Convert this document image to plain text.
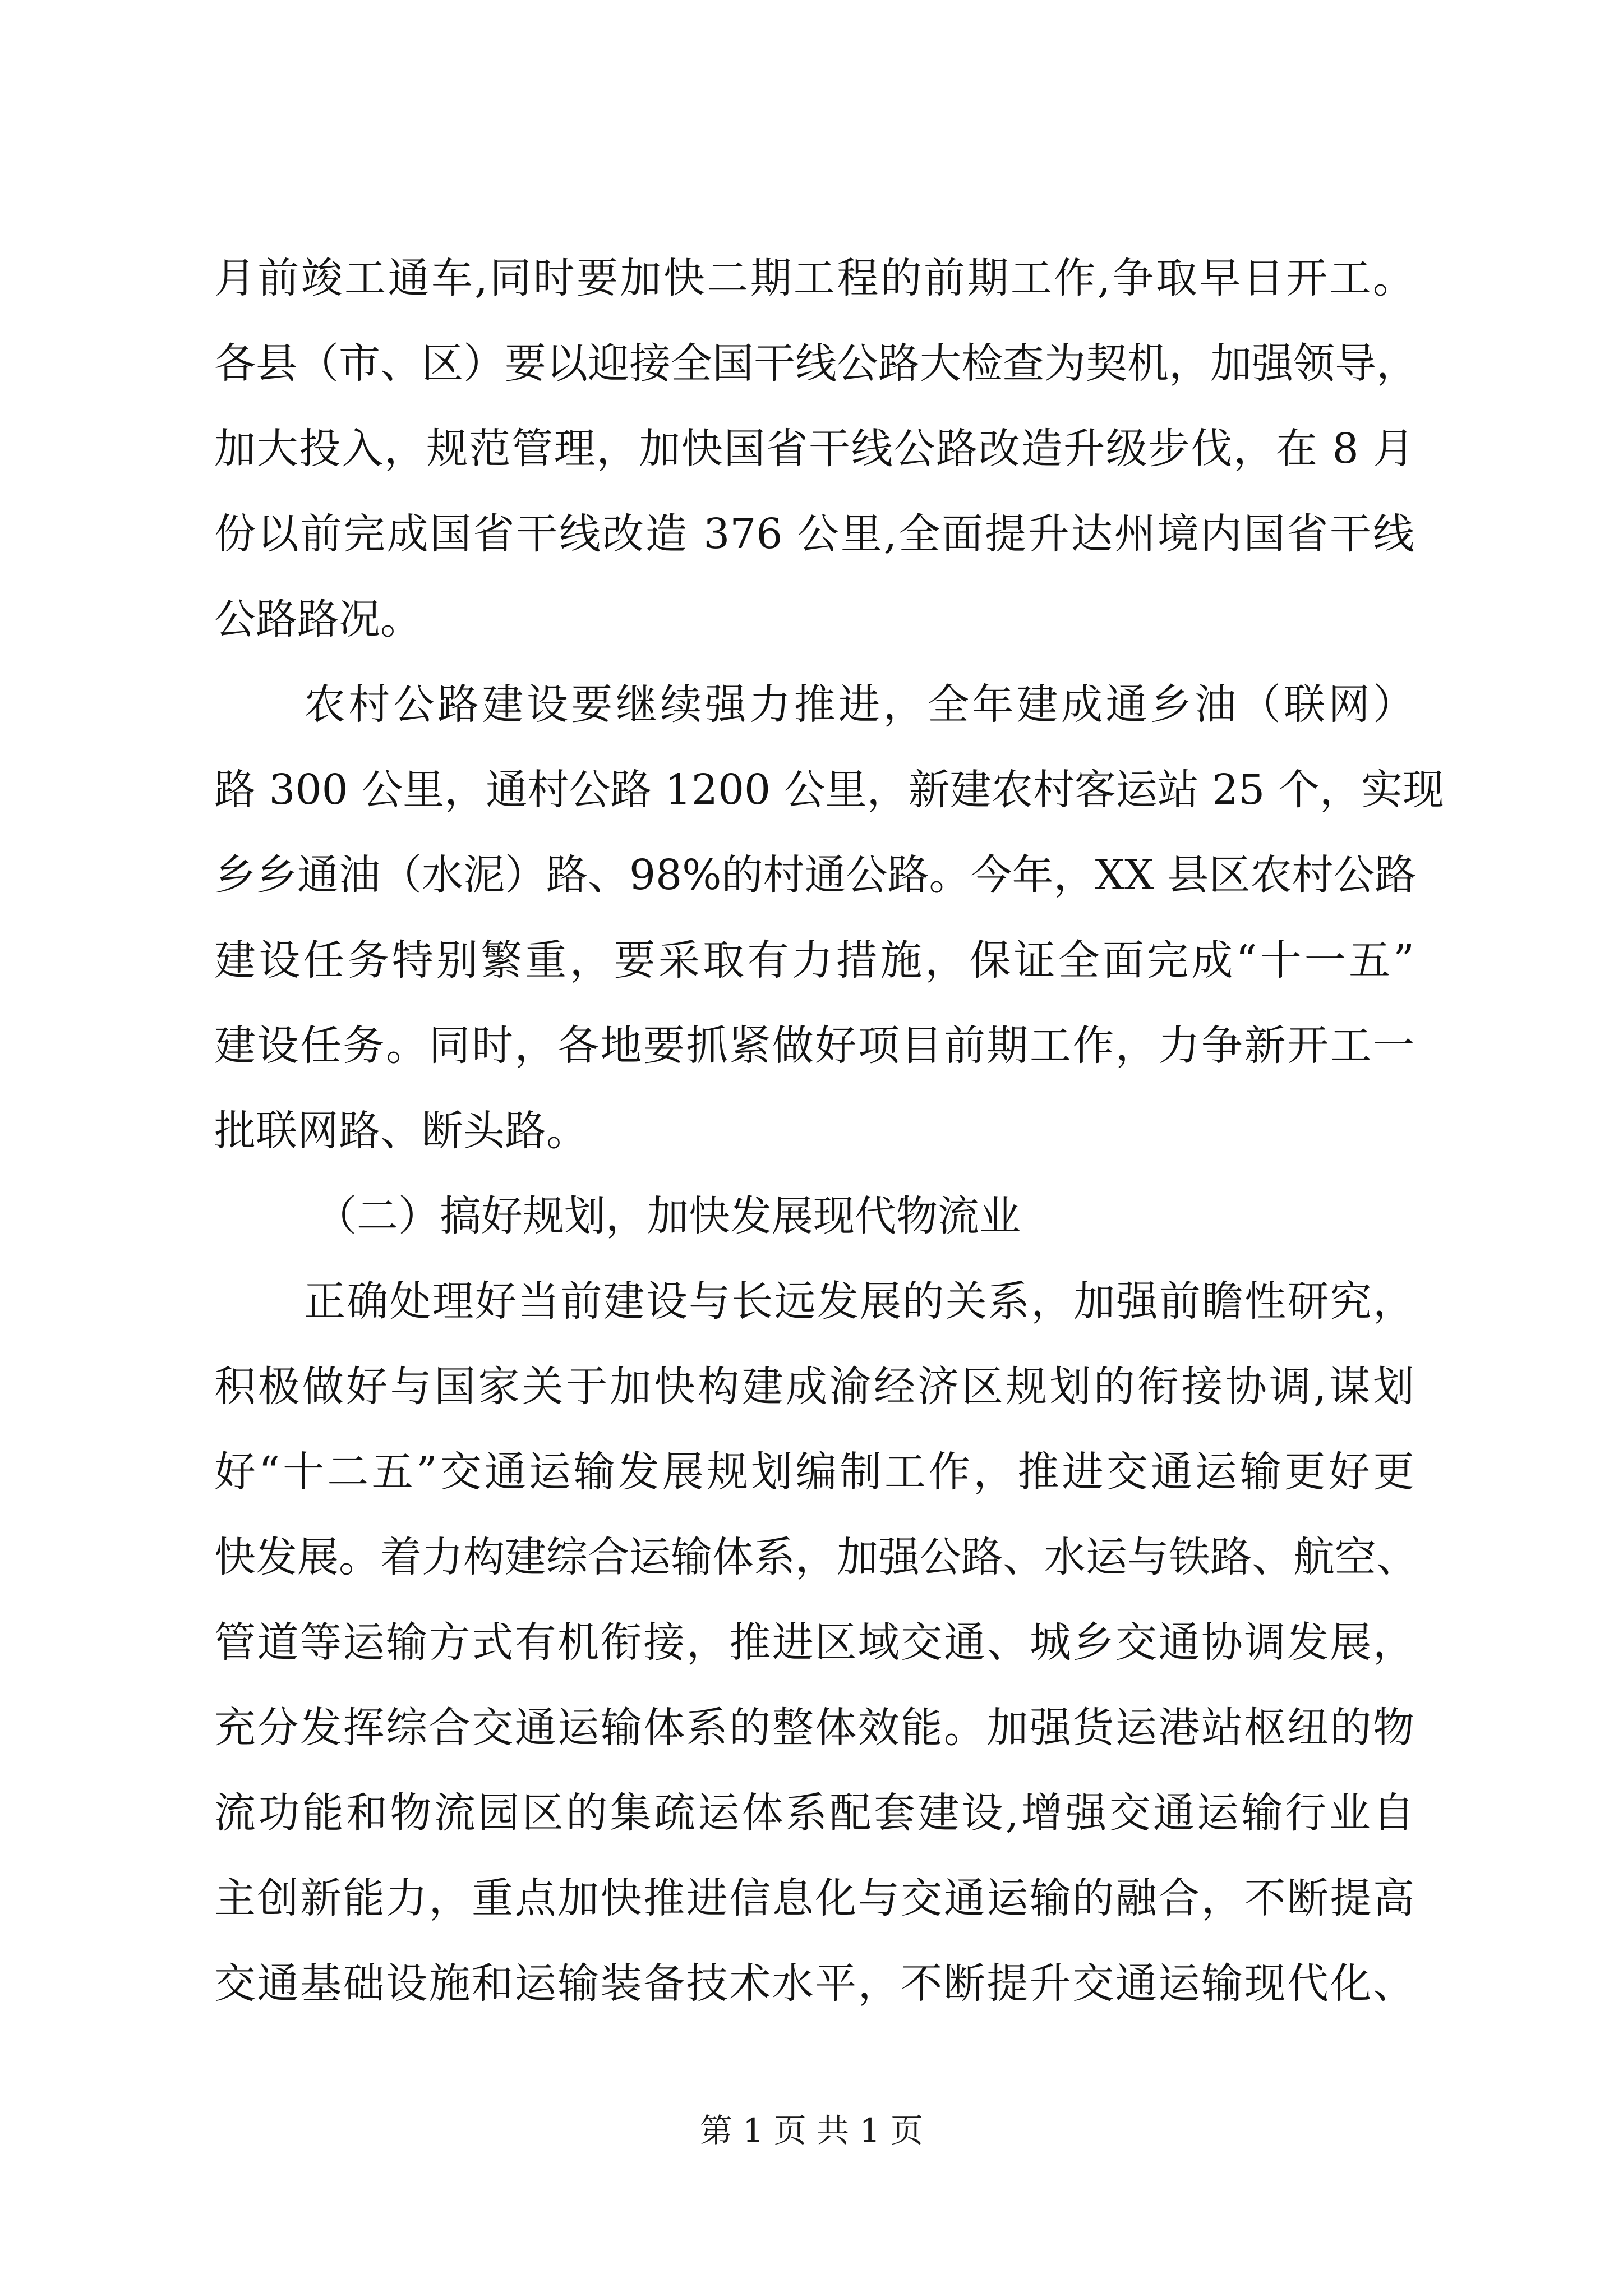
月前竣工通车,同时要加快二期工程的前期工作,争取早日开工。
各县（市、区）要以迎接全国干线公路大检查为契机，加强领导，
加大投入，规范管理，加快国省干线公路改造升级步伐，在 8 月
份以前完成国省干线改造 376 公里,全面提升达州境内国省干线
公路路况。
农村公路建设要继续强力推进，全年建成通乡油（联网）
路 300 公里，通村公路 1200 公里，新建农村客运站 25 个，实现
乡乡通油（水泥）路、98%的村通公路。今年，XX 县区农村公路
建设任务特别繁重，要采取有力措施，保证全面完成“十一五”
建设任务。同时，各地要抓紧做好项目前期工作，力争新开工一
批联网路、断头路。
（二）搞好规划，加快发展现代物流业
正确处理好当前建设与长远发展的关系，加强前瞻性研究，
积极做好与国家关于加快构建成渝经济区规划的衔接协调,谋划
好“十二五”交通运输发展规划编制工作，推进交通运输更好更
快发展。着力构建综合运输体系，加强公路、水运与铁路、航空、
管道等运输方式有机衔接，推进区域交通、城乡交通协调发展，
充分发挥综合交通运输体系的整体效能。加强货运港站枢纽的物
流功能和物流园区的集疏运体系配套建设,增强交通运输行业自
主创新能力，重点加快推进信息化与交通运输的融合，不断提高
交通基础设施和运输装备技术水平，不断提升交通运输现代化、
第 1 页 共 1 页
